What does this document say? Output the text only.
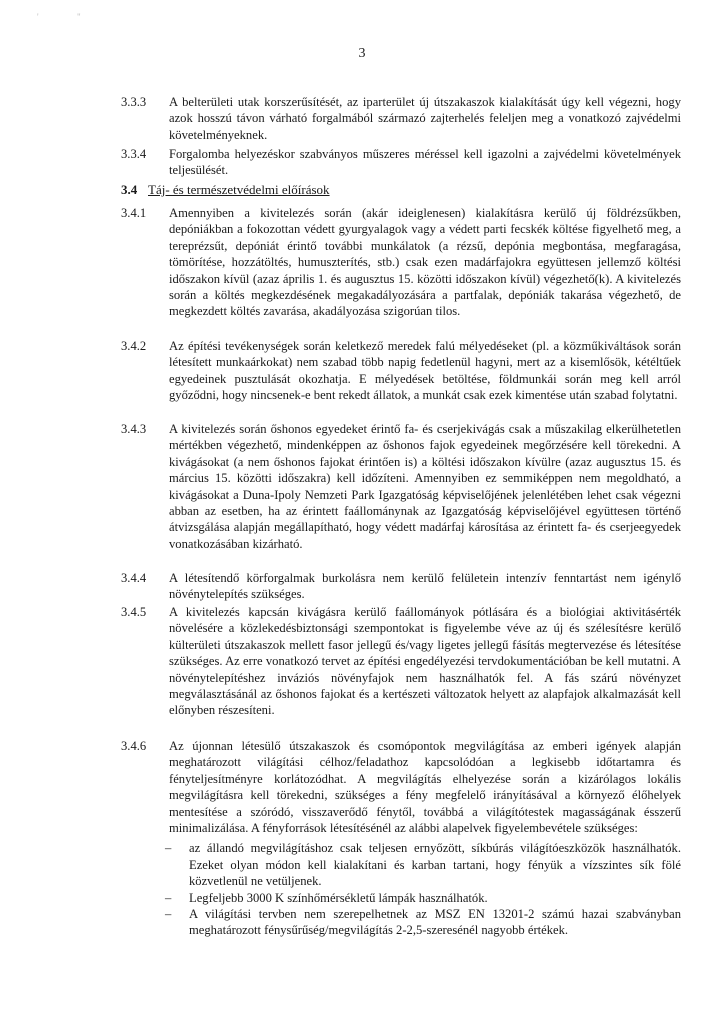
'	"
3
3.3.3 A belterületi utak korszerűsítését, az iparterület új útszakaszok kialakítását úgy kell végezni, hogy azok hosszú távon várható forgalmából származó zajterhelés feleljen meg a vonatkozó zajvédelmi követelményeknek.
3.3.4 Forgalomba helyezéskor szabványos műszeres méréssel kell igazolni a zajvédelmi követelmények teljesülését.
3.4 Táj- és természetvédelmi előírások
3.4.1 Amennyiben a kivitelezés során (akár ideiglenesen) kialakításra kerülő új földrézsűkben, depóniákban a fokozottan védett gyurgyalagok vagy a védett parti fecskék költése figyelhető meg, a tereprézsűt, depóniát érintő további munkálatok (a rézsű, depónia megbontása, megfaragása, tömörítése, hozzátöltés, humuszterítés, stb.) csak ezen madárfajokra együttesen jellemző költési időszakon kívül (azaz április 1. és augusztus 15. közötti időszakon kívül) végezhető(k). A kivitelezés során a költés megkezdésének megakadályozására a partfalak, depóniák takarása végezhető, de megkezdett költés zavarása, akadályozása szigorúan tilos.
3.4.2 Az építési tevékenységek során keletkező meredek falú mélyedéseket (pl. a közműkiváltások során létesített munkaárkokat) nem szabad több napig fedetlenül hagyni, mert az a kisemlősök, kétéltűek egyedeinek pusztulását okozhatja. E mélyedések betöltése, földmunkái során meg kell arról győződni, hogy nincsenek-e bent rekedt állatok, a munkát csak ezek kimentése után szabad folytatni.
3.4.3 A kivitelezés során őshonos egyedeket érintő fa- és cserjekivágás csak a műszakilag elkerülhetetlen mértékben végezhető, mindenképpen az őshonos fajok egyedeinek megőrzésére kell törekedni. A kivágásokat (a nem őshonos fajokat érintően is) a költési időszakon kívülre (azaz augusztus 15. és március 15. közötti időszakra) kell időzíteni. Amennyiben ez semmiképpen nem megoldható, a kivágásokat a Duna-Ipoly Nemzeti Park Igazgatóság képviselőjének jelenlétében lehet csak végezni abban az esetben, ha az érintett faállománynak az Igazgatóság képviselőjével együttesen történő átvizsgálása alapján megállapítható, hogy védett madárfaj károsítása az érintett fa- és cserjeegyedek vonatkozásában kizárható.
3.4.4 A létesítendő körforgalmak burkolásra nem kerülő felületein intenzív fenntartást nem igénylő növénytelepítés szükséges.
3.4.5 A kivitelezés kapcsán kivágásra kerülő faállományok pótlására és a biológiai aktivitásérték növelésére a közlekedésbiztonsági szempontokat is figyelembe véve az új és szélesítésre kerülő külterületi útszakaszok mellett fasor jellegű és/vagy ligetes jellegű fásítás megtervezése és létesítése szükséges. Az erre vonatkozó tervet az építési engedélyezési tervdokumentációban be kell mutatni. A növénytelepítéshez inváziós növényfajok nem használhatók fel. A fás szárú növényzet megválasztásánál az őshonos fajokat és a kertészeti változatok helyett az alapfajok alkalmazását kell előnyben részesíteni.
3.4.6 Az újonnan létesülő útszakaszok és csomópontok megvilágítása az emberi igények alapján meghatározott világítási célhoz/feladathoz kapcsolódóan a legkisebb időtartamra és fényteljesítményre korlátozódhat. A megvilágítás elhelyezése során a kizárólagos lokális megvilágításra kell törekedni, szükséges a fény megfelelő irányításával a környező élőhelyek mentesítése a szóródó, visszaverődő fénytől, továbbá a világítótestek magasságának ésszerű minimalizálása. A fényforrások létesítésénél az alábbi alapelvek figyelembevétele szükséges:
– az állandó megvilágításhoz csak teljesen ernyőzött, síkbúrás világítóeszközök használhatók. Ezeket olyan módon kell kialakítani és karban tartani, hogy fényük a vízszintes sík fölé közvetlenül ne vetüljenek.
– Legfeljebb 3000 K színhőmérsékletű lámpák használhatók.
– A világítási tervben nem szerepelhetnek az MSZ EN 13201-2 számú hazai szabványban meghatározott fénysűrűség/megvilágítás 2-2,5-szeresénél nagyobb értékek.
